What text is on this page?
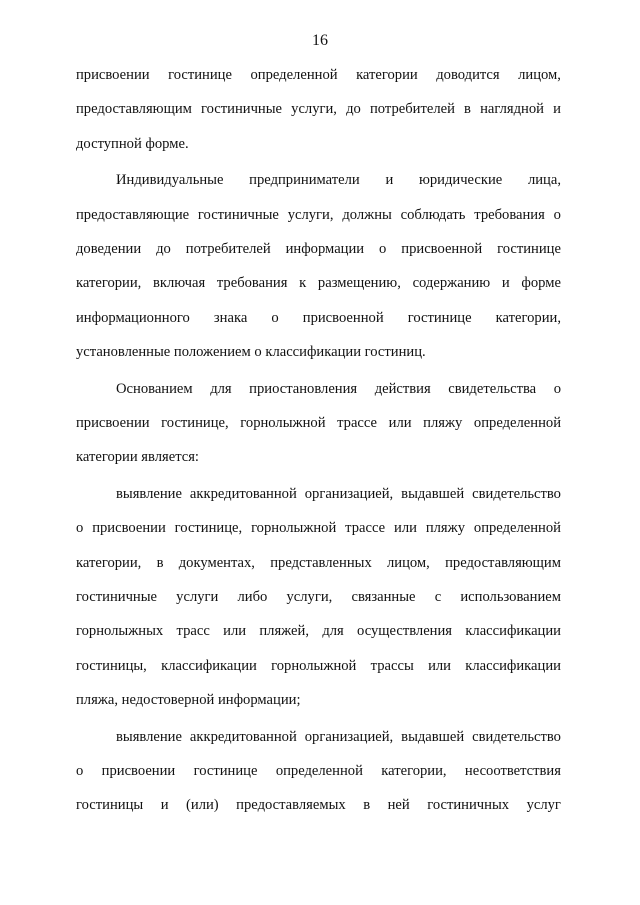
16
присвоении гостинице определенной категории доводится лицом,
предоставляющим гостиничные услуги, до потребителей в наглядной и
доступной форме.
Индивидуальные предприниматели и юридические лица,
предоставляющие гостиничные услуги, должны соблюдать требования о
доведении до потребителей информации о присвоенной гостинице
категории, включая требования к размещению, содержанию и форме
информационного знака о присвоенной гостинице категории,
установленные положением о классификации гостиниц.
Основанием для приостановления действия свидетельства о
присвоении гостинице, горнолыжной трассе или пляжу определенной
категории является:
выявление аккредитованной организацией, выдавшей свидетельство
о присвоении гостинице, горнолыжной трассе или пляжу определенной
категории, в документах, представленных лицом, предоставляющим
гостиничные услуги либо услуги, связанные с использованием
горнолыжных трасс или пляжей, для осуществления классификации
гостиницы, классификации горнолыжной трассы или классификации
пляжа, недостоверной информации;
выявление аккредитованной организацией, выдавшей свидетельство
о присвоении гостинице определенной категории, несоответствия
гостиницы и (или) предоставляемых в ней гостиничных услуг
